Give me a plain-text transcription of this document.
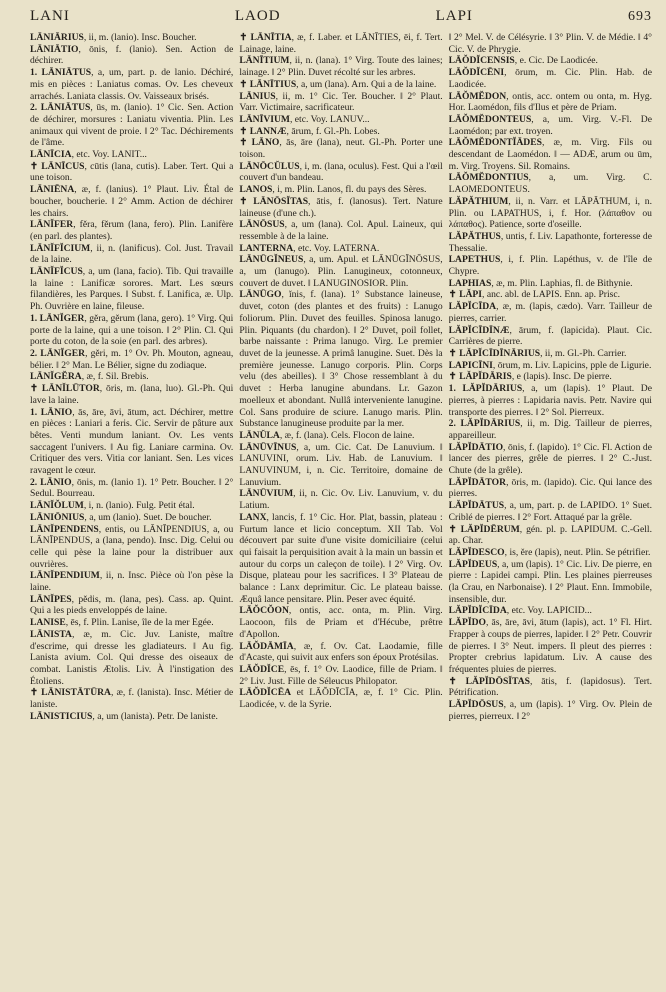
LANI	LAOD	LAPI	693

LĀNIĀRIUS, ii, m. (lanio). Insc. Boucher.

LĀNIĀTIO, ōnis, f. (lanio). Sen. Action de déchirer.

1. LĀNIĀTUS, a, um, part. p. de lanio. Déchiré, mis en pièces : Laniatus comas. Ov. Les cheveux arrachés. Laniata classis. Ov. Vaisseaux brisés.

2. LĀNIĀTUS, ūs, m. (lanio). 1° Cic. Sen. Action de déchirer, morsures : Laniatu viventia. Plin. Les animaux qui vivent de proie. ‖ 2° Tac. Déchirements de l'âme.

LĀNĪCIA, etc. Voy. LANIT...

✝ LĀNĪCUS, cūtis (lana, cutis). Laber. Tert. Qui a une toison.

LĀNIĒNA, æ, f. (lanius). 1° Plaut. Liv. Étal de boucher, boucherie. ‖ 2° Amm. Action de déchirer les chairs.

LĀNĬFER, fěra, fěrum (lana, fero). Plin. Lanifère (en parl. des plantes).

LĀNĬFĬCIUM, ii, n. (lanificus). Col. Just. Travail de la laine.

LĀNĬFĬCUS, a, um (lana, facio). Tib. Qui travaille la laine : Lanificæ sorores. Mart. Les sœurs filandières, les Parques. ‖ Subst. f. Lanifica, æ. Ulp. Ph. Ouvrière en laine, fileuse.

1. LĀNĬGER, gěra, gěrum (lana, gero). 1° Virg. Qui porte de la laine, qui a une toison. ‖ 2° Plin. Cl. Qui porte du coton, de la soie (en parl. des arbres).

2. LĀNĬGER, gěri, m. 1° Ov. Ph. Mouton, agneau, bélier. ‖ 2° Man. Le Bélier, signe du zodiaque.

LĀNĬGĔRA, æ, f. Sil. Brebis.

✝ LĀNĬLŪTOR, ōris, m. (lana, luo). Gl.-Ph. Qui lave la laine.

1. LĀNIO, ās, āre, āvi, ātum, act. Déchirer, mettre en pièces : Laniari a feris. Cic. Servir de pâture aux bêtes. Venti mundum laniant. Ov. Les vents saccagent l'univers. ‖ Au fig. Laniare carmina. Ov. Critiquer des vers. Vitia cor laniant. Sen. Les vices ravagent le cœur.

2. LĀNIO, ōnis, m. (lanio 1). 1° Petr. Boucher. ‖ 2° Sedul. Bourreau.

LĀNĬŎLUM, i, n. (lanio). Fulg. Petit étal.

LĀNIŌNIUS, a, um (lanio). Suet. De boucher.

LĀNĬPENDENS, entis, ou LĀNĬPENDIUS, a, ou LĀNĬPENDUS, a (lana, pendo). Insc. Dig. Celui ou celle qui pèse la laine pour la distribuer aux ouvrières.

LĀNĬPENDIUM, ii, n. Insc. Pièce où l'on pèse la laine.

LĀNĬPES, pědis, m. (lana, pes). Cass. ap. Quint. Qui a les pieds enveloppés de laine.

LANISE, ēs, f. Plin. Lanise, île de la mer Egée.

LĀNISTA, æ, m. Cic. Juv. Laniste, maître d'escrime, qui dresse les gladiateurs. ‖ Au fig. Lanista avium. Col. Qui dresse des oiseaux de combat. Lanistis Ætolis. Liv. À l'instigation des Étoliens.

✝ LĀNISTĀTŪRA, æ, f. (lanista). Insc. Métier de laniste.

LĀNISTICIUS, a, um (lanista). Petr. De laniste.

✝ LĀNĪTIA, æ, f. Laber. et LĀNĪTIES, ēi, f. Tert. Lainage, laine.

LĀNĪTIUM, ii, n. (lana). 1° Virg. Toute des laines; lainage. ‖ 2° Plin. Duvet récolté sur les arbres.

✝ LĀNĪTIUS, a, um (lana). Arn. Qui a de la laine.

LĀNIUS, ii, m. 1° Cic. Ter. Boucher. ‖ 2° Plaut. Varr. Victimaire, sacrificateur.

LĀNĪVIUM, etc. Voy. LANUV...

✝ LANNÆ, ārum, f. Gl.-Ph. Lobes.

✝ LĀNO, ās, āre (lana), neut. Gl.-Ph. Porter une toison.

LĀNŌCŬLUS, i, m. (lana, oculus). Fest. Qui a l'œil couvert d'un bandeau.

LANOS, i, m. Plin. Lanos, fl. du pays des Sères.

✝ LĀNŌSĬTAS, ātis, f. (lanosus). Tert. Nature laineuse (d'une ch.).

LĀNŌSUS, a, um (lana). Col. Apul. Laineux, qui ressemble à de la laine.

LANTERNA, etc. Voy. LATERNA.

LĀNŪGĬNEUS, a, um. Apul. et LĀNŪGĬNŌSUS, a, um (lanugo). Plin. Lanugineux, cotonneux, couvert de duvet. ‖ LANUGINOSIOR. Plin.

LĀNŪGO, ĭnis, f. (lana). 1° Substance laineuse, duvet, coton (des plantes et des fruits) : Lanugo foliorum. Plin. Duvet des feuilles. Spinosa lanugo. Plin. Piquants (du chardon). ‖ 2° Duvet, poil follet, barbe naissante : Prima lanugo. Virg. Le premier duvet de la jeunesse. A primâ lanugine. Suet. Dès la première jeunesse. Lanugo corporis. Plin. Corps velu (des abeilles). ‖ 3° Chose ressemblant à du duvet : Herba lanugine abundans. Lr. Gazon moelleux et abondant. Nullâ interveniente lanugine. Col. Sans produire de sciure. Lanugo maris. Plin. Substance lanugineuse produite par la mer.

LĀNŬLA, æ, f. (lana). Cels. Flocon de laine.

LĀNŪVĪNUS, a, um. Cic. Cat. De Lanuvium. ‖ LANUVINI, orum. Liv. Hab. de Lanuvium. ‖ LANUVINUM, i, n. Cic. Territoire, domaine de Lanuvium.

LĀNŪVIUM, ii, n. Cic. Ov. Liv. Lanuvium, v. du Latium.

LANX, lancis, f. 1° Cic. Hor. Plat, bassin, plateau : Furtum lance et licio conceptum. XII Tab. Vol découvert par suite d'une visite domiciliaire (celui qui faisait la perquisition avait à la main un bassin et autour du corps un caleçon de toile). ‖ 2° Virg. Ov. Disque, plateau pour les sacrifices. ‖ 3° Plateau de balance : Lanx deprimitur. Cic. Le plateau baisse. Æquâ lance pensitare. Plin. Peser avec équité.

LĀŎCŎON, ontis, acc. onta, m. Plin. Virg. Laocoon, fils de Priam et d'Hécube, prêtre d'Apollon.

LĀŎDĀMĪA, æ, f. Ov. Cat. Laodamie, fille d'Acaste, qui suivit aux enfers son époux Protésilas.

LĀŎDĬCE, ēs, f. 1° Ov. Laodice, fille de Priam. ‖ 2° Liv. Just. Fille de Séleucus Philopator.

LĀŎDĬCĒA et LĀŎDĬCĪA, æ, f. 1° Cic. Plin. Laodicée, v. de la Syrie.

‖ 2° Mel. V. de Célésyrie. ‖ 3° Plin. V. de Médie. ‖ 4° Cic. V. de Phrygie.

LĀŎDĬCENSIS, e. Cic. De Laodicée.

LĀŎDĬCĒNI, ōrum, m. Cic. Plin. Hab. de Laodicée.

LĀŎMĔDON, ontis, acc. ontem ou onta, m. Hyg. Hor. Laomédon, fils d'Ilus et père de Priam.

LĀŎMĔDONTEUS, a, um. Virg. V.-Fl. De Laomédon; par ext. troyen.

LĀŎMĔDONTĬĀDES, æ, m. Virg. Fils ou descendant de Laomédon. ‖ — ADÆ, arum ou ūm, m. Virg. Troyens. Sil. Romains.

LĀŎMĔDONTIUS, a, um. Virg. C. LAOMEDONTEUS.

LĂPĂTHIUM, ii, n. Varr. et LĂPĂTHUM, i, n. Plin. ou LAPATHUS, i, f. Hor. (λάπαθον ou λάπαθος). Patience, sorte d'oseille.

LĂPĂTHUS, untis, f. Liv. Lapathonte, forteresse de Thessalie.

LAPETHUS, i, f. Plin. Lapéthus, v. de l'île de Chypre.

LAPHIAS, æ, m. Plin. Laphias, fl. de Bithynie.

✝ LĂPI, anc. abl. de LAPIS. Enn. ap. Prisc.

LĂPĬCĪDA, æ, m. (lapis, cædo). Varr. Tailleur de pierres, carrier.

LĂPĬCĪDĪNÆ, ārum, f. (lapicida). Plaut. Cic. Carrières de pierre.

✝ LĂPĬCĪDĪNĀRIUS, ii, m. Gl.-Ph. Carrier.

LAPICĪNI, ōrum, m. Liv. Lapicins, pple de Ligurie.

✝ LĂPĬDĀRIS, e (lapis). Insc. De pierre.

1. LĂPĬDĀRIUS, a, um (lapis). 1° Plaut. De pierres, à pierres : Lapidaria navis. Petr. Navire qui transporte des pierres. ‖ 2° Sol. Pierreux.

2. LĂPĬDĀRIUS, ii, m. Dig. Tailleur de pierres, appareilleur.

LĂPĬDĀTIO, ōnis, f. (lapido). 1° Cic. Fl. Action de lancer des pierres, grêle de pierres. ‖ 2° C.-Just. Chute (de la grêle).

LĂPĬDĀTOR, ōris, m. (lapido). Cic. Qui lance des pierres.

LĂPĬDĀTUS, a, um, part. p. de LAPIDO. 1° Suet. Criblé de pierres. ‖ 2° Fort. Attaqué par la grêle.

✝ LĂPĬDĒRUM, gén. pl. p. LAPIDUM. C.-Gell. ap. Char.

LĂPĬDESCO, is, ĕre (lapis), neut. Plin. Se pétrifier.

LĂPĬDEUS, a, um (lapis). 1° Cic. Liv. De pierre, en pierre : Lapidei campi. Plin. Les plaines pierreuses (la Crau, en Narbonaise). ‖ 2° Plaut. Enn. Immobile, insensible, dur.

LĂPĬDĬCĪDA, etc. Voy. LAPICID...

LĂPĬDO, ās, āre, āvi, ātum (lapis), act. 1° Fl. Hirt. Frapper à coups de pierres, lapider. ‖ 2° Petr. Couvrir de pierres. ‖ 3° Neut. impers. Il pleut des pierres : Propter crebrius lapidatum. Liv. A cause des fréquentes pluies de pierres.

✝ LĂPĬDŌSĬTAS, ātis, f. (lapidosus). Tert. Pétrification.

LĂPĬDŌSUS, a, um (lapis). 1° Virg. Ov. Plein de pierres, pierreux. ‖ 2°
